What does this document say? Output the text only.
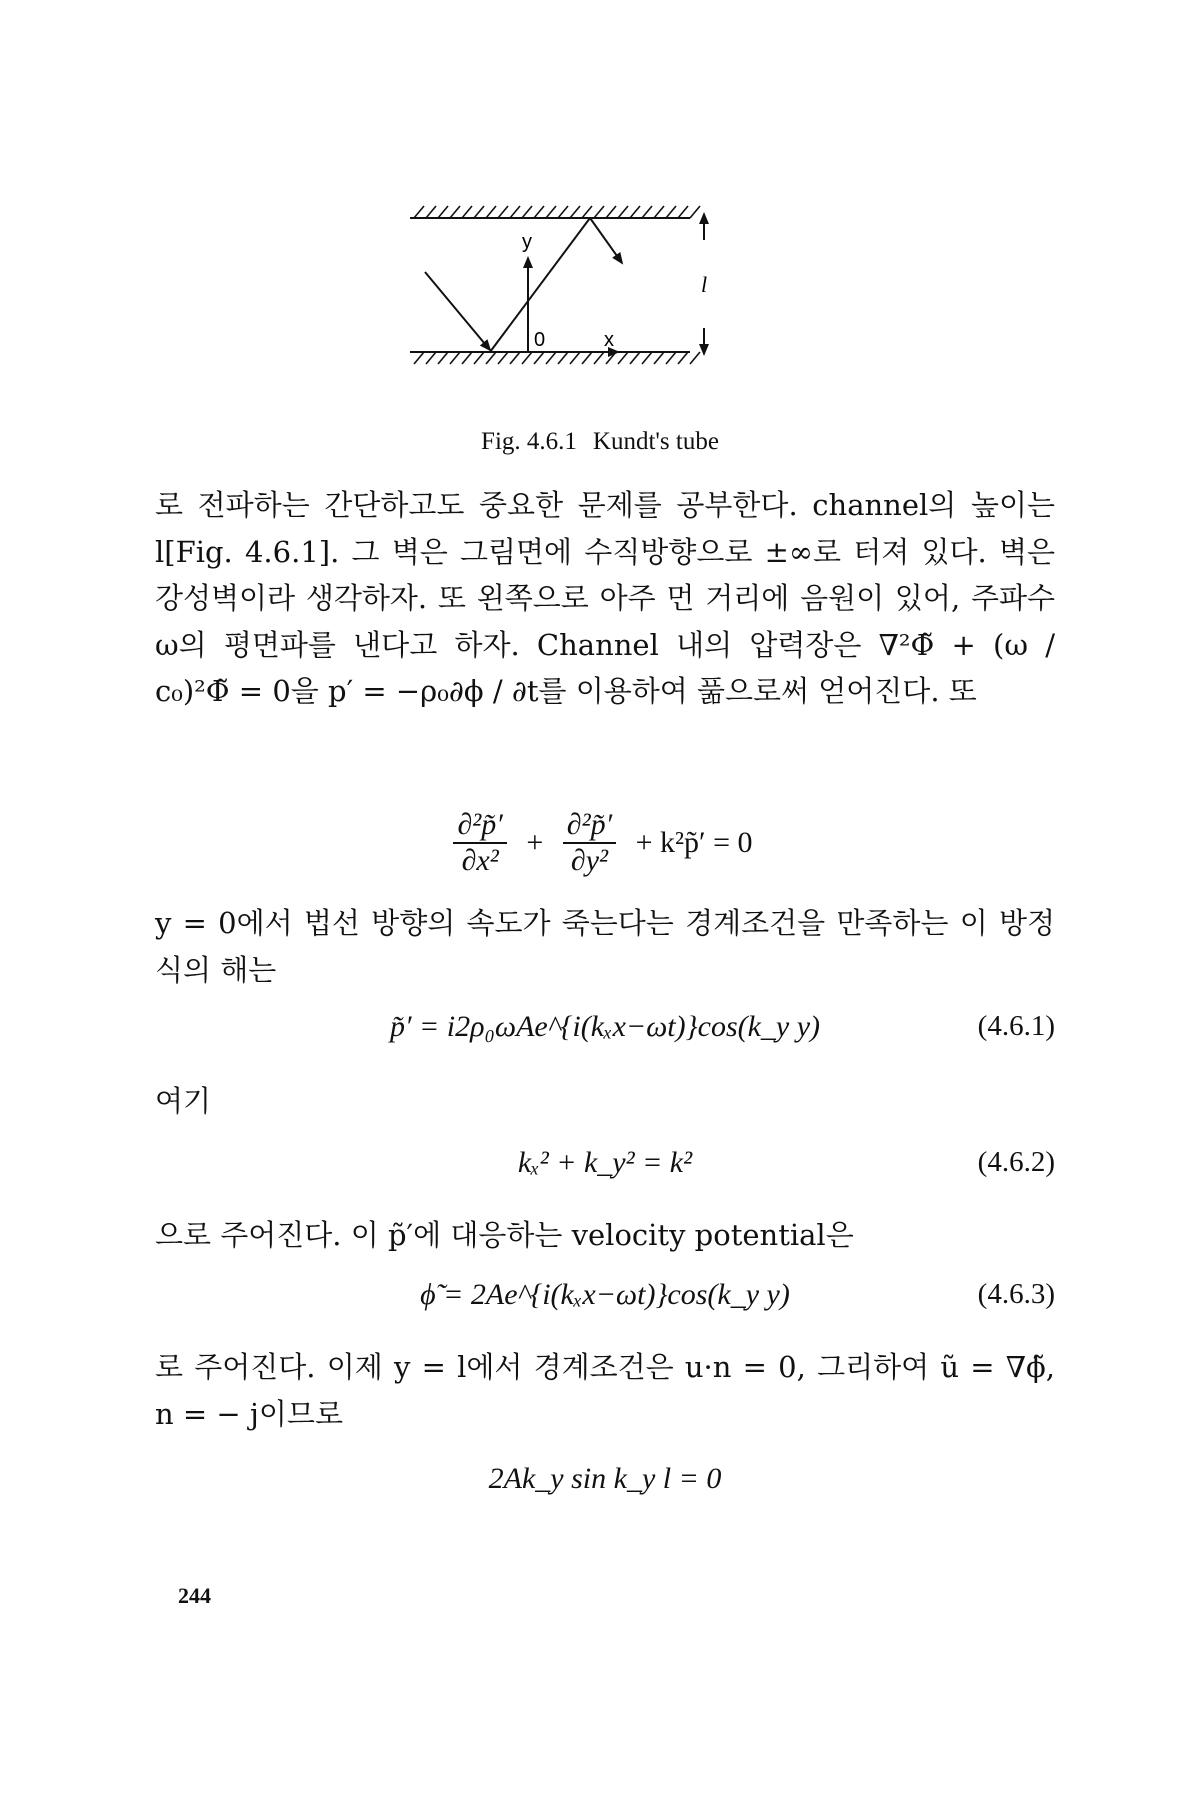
y
0	x
l
Fig. 4.6.1 Kundt's tube
로 전파하는 간단하고도 중요한 문제를 공부한다. channel의 높이는 l[Fig. 4.6.1]. 그 벽은 그림면에 수직방향으로 ±∞로 터져 있다. 벽은 강성벽이라 생각하자. 또 왼쪽으로 아주 먼 거리에 음원이 있어, 주파수 ω의 평면파를 낸다고 하자. Channel 내의 압력장은 ∇²Φ̃ + (ω / c₀)²Φ̃ = 0을 p′ = −ρ₀∂ϕ / ∂t를 이용하여 풂으로써 얻어진다. 또
$\frac{\text{∂²p̃′}}{\text{∂x²}} + \frac{\text{∂²p̃′}}{\text{∂y²}}$ + k²p̃′ = 0
y = 0에서 법선 방향의 속도가 죽는다는 경계조건을 만족하는 이 방정식의 해는
p̃′ = i2ρ₀ωAe^{i(kₓx−ωt)}cos(k_y y)	(4.6.1)
여기
kₓ² + k_y² = k²	(4.6.2)
으로 주어진다. 이 p̃′에 대응하는 velocity potential은
ϕ̃ = 2Ae^{i(kₓx−ωt)}cos(k_y y)	(4.6.3)
로 주어진다. 이제 y = l에서 경계조건은 u·n = 0, 그리하여 ũ = ∇ϕ̃, n = − j이므로
2Ak_y sin k_y l = 0
244
